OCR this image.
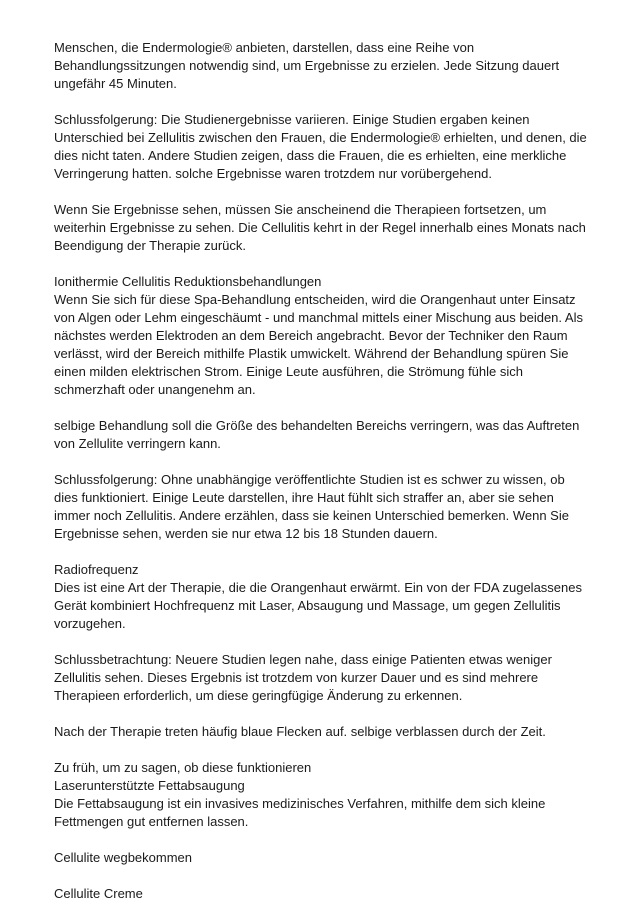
Menschen, die Endermologie® anbieten, darstellen, dass eine Reihe von
Behandlungssitzungen notwendig sind, um Ergebnisse zu erzielen. Jede Sitzung dauert
ungefähr 45 Minuten.
Schlussfolgerung: Die Studienergebnisse variieren. Einige Studien ergaben keinen
Unterschied bei Zellulitis zwischen den Frauen, die Endermologie® erhielten, und denen, die
dies nicht taten. Andere Studien zeigen, dass die Frauen, die es erhielten, eine merkliche
Verringerung hatten. solche Ergebnisse waren trotzdem nur vorübergehend.
Wenn Sie Ergebnisse sehen, müssen Sie anscheinend die Therapieen fortsetzen, um
weiterhin Ergebnisse zu sehen. Die Cellulitis kehrt in der Regel innerhalb eines Monats nach
Beendigung der Therapie zurück.
Ionithermie Cellulitis Reduktionsbehandlungen
Wenn Sie sich für diese Spa-Behandlung entscheiden, wird die Orangenhaut unter Einsatz
von Algen oder Lehm eingeschäumt - und manchmal mittels einer Mischung aus beiden. Als
nächstes werden Elektroden an dem Bereich angebracht. Bevor der Techniker den Raum
verlässt, wird der Bereich mithilfe Plastik umwickelt. Während der Behandlung spüren Sie
einen milden elektrischen Strom. Einige Leute ausführen, die Strömung fühle sich
schmerzhaft oder unangenehm an.
selbige Behandlung soll die Größe des behandelten Bereichs verringern, was das Auftreten
von Zellulite verringern kann.
Schlussfolgerung: Ohne unabhängige veröffentlichte Studien ist es schwer zu wissen, ob
dies funktioniert. Einige Leute darstellen, ihre Haut fühlt sich straffer an, aber sie sehen
immer noch Zellulitis. Andere erzählen, dass sie keinen Unterschied bemerken. Wenn Sie
Ergebnisse sehen, werden sie nur etwa 12 bis 18 Stunden dauern.
Radiofrequenz
Dies ist eine Art der Therapie, die die Orangenhaut erwärmt. Ein von der FDA zugelassenes
Gerät kombiniert Hochfrequenz mit Laser, Absaugung und Massage, um gegen Zellulitis
vorzugehen.
Schlussbetrachtung: Neuere Studien legen nahe, dass einige Patienten etwas weniger
Zellulitis sehen. Dieses Ergebnis ist trotzdem von kurzer Dauer und es sind mehrere
Therapieen erforderlich, um diese geringfügige Änderung zu erkennen.
Nach der Therapie treten häufig blaue Flecken auf. selbige verblassen durch der Zeit.
Zu früh, um zu sagen, ob diese funktionieren
Laserunterstützte Fettabsaugung
Die Fettabsaugung ist ein invasives medizinisches Verfahren, mithilfe dem sich kleine
Fettmengen gut entfernen lassen.
Cellulite wegbekommen
Cellulite Creme
